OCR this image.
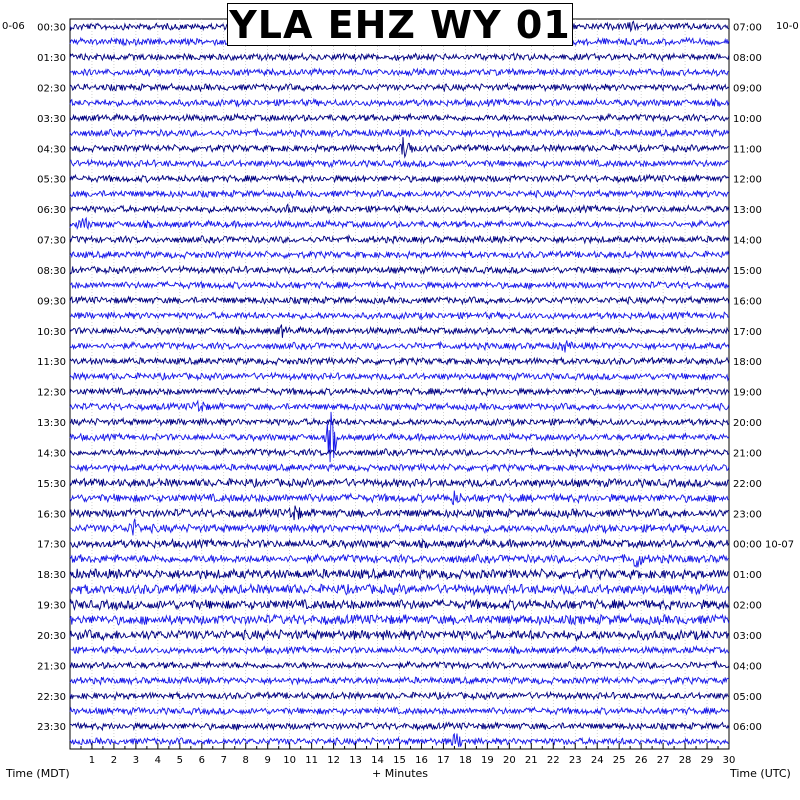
00:30
01:30
02:30
03:30
04:30
05:30
06:30
07:30
08:30
09:30
10:30
11:30
12:30
13:30
14:30
15:30
16:30
17:30
18:30
19:30
20:30
21:30
22:30
23:30
07:00
08:00
09:00
10:00
11:00
12:00
13:00
14:00
15:00
16:00
17:00
18:00
19:00
20:00
21:00
22:00
23:00
00:00 10-07
01:00
02:00
03:00
04:00
05:00
06:00
1 2 3 4 5 6 7 8 9 10 11 12 13 14 15 16 17 18 19 20 21 22 23 24 25 26 27 28 29 30
YLA EHZ WY 01
0-06	10-0
Time (MDT)	+ Minutes	Time (UTC)
